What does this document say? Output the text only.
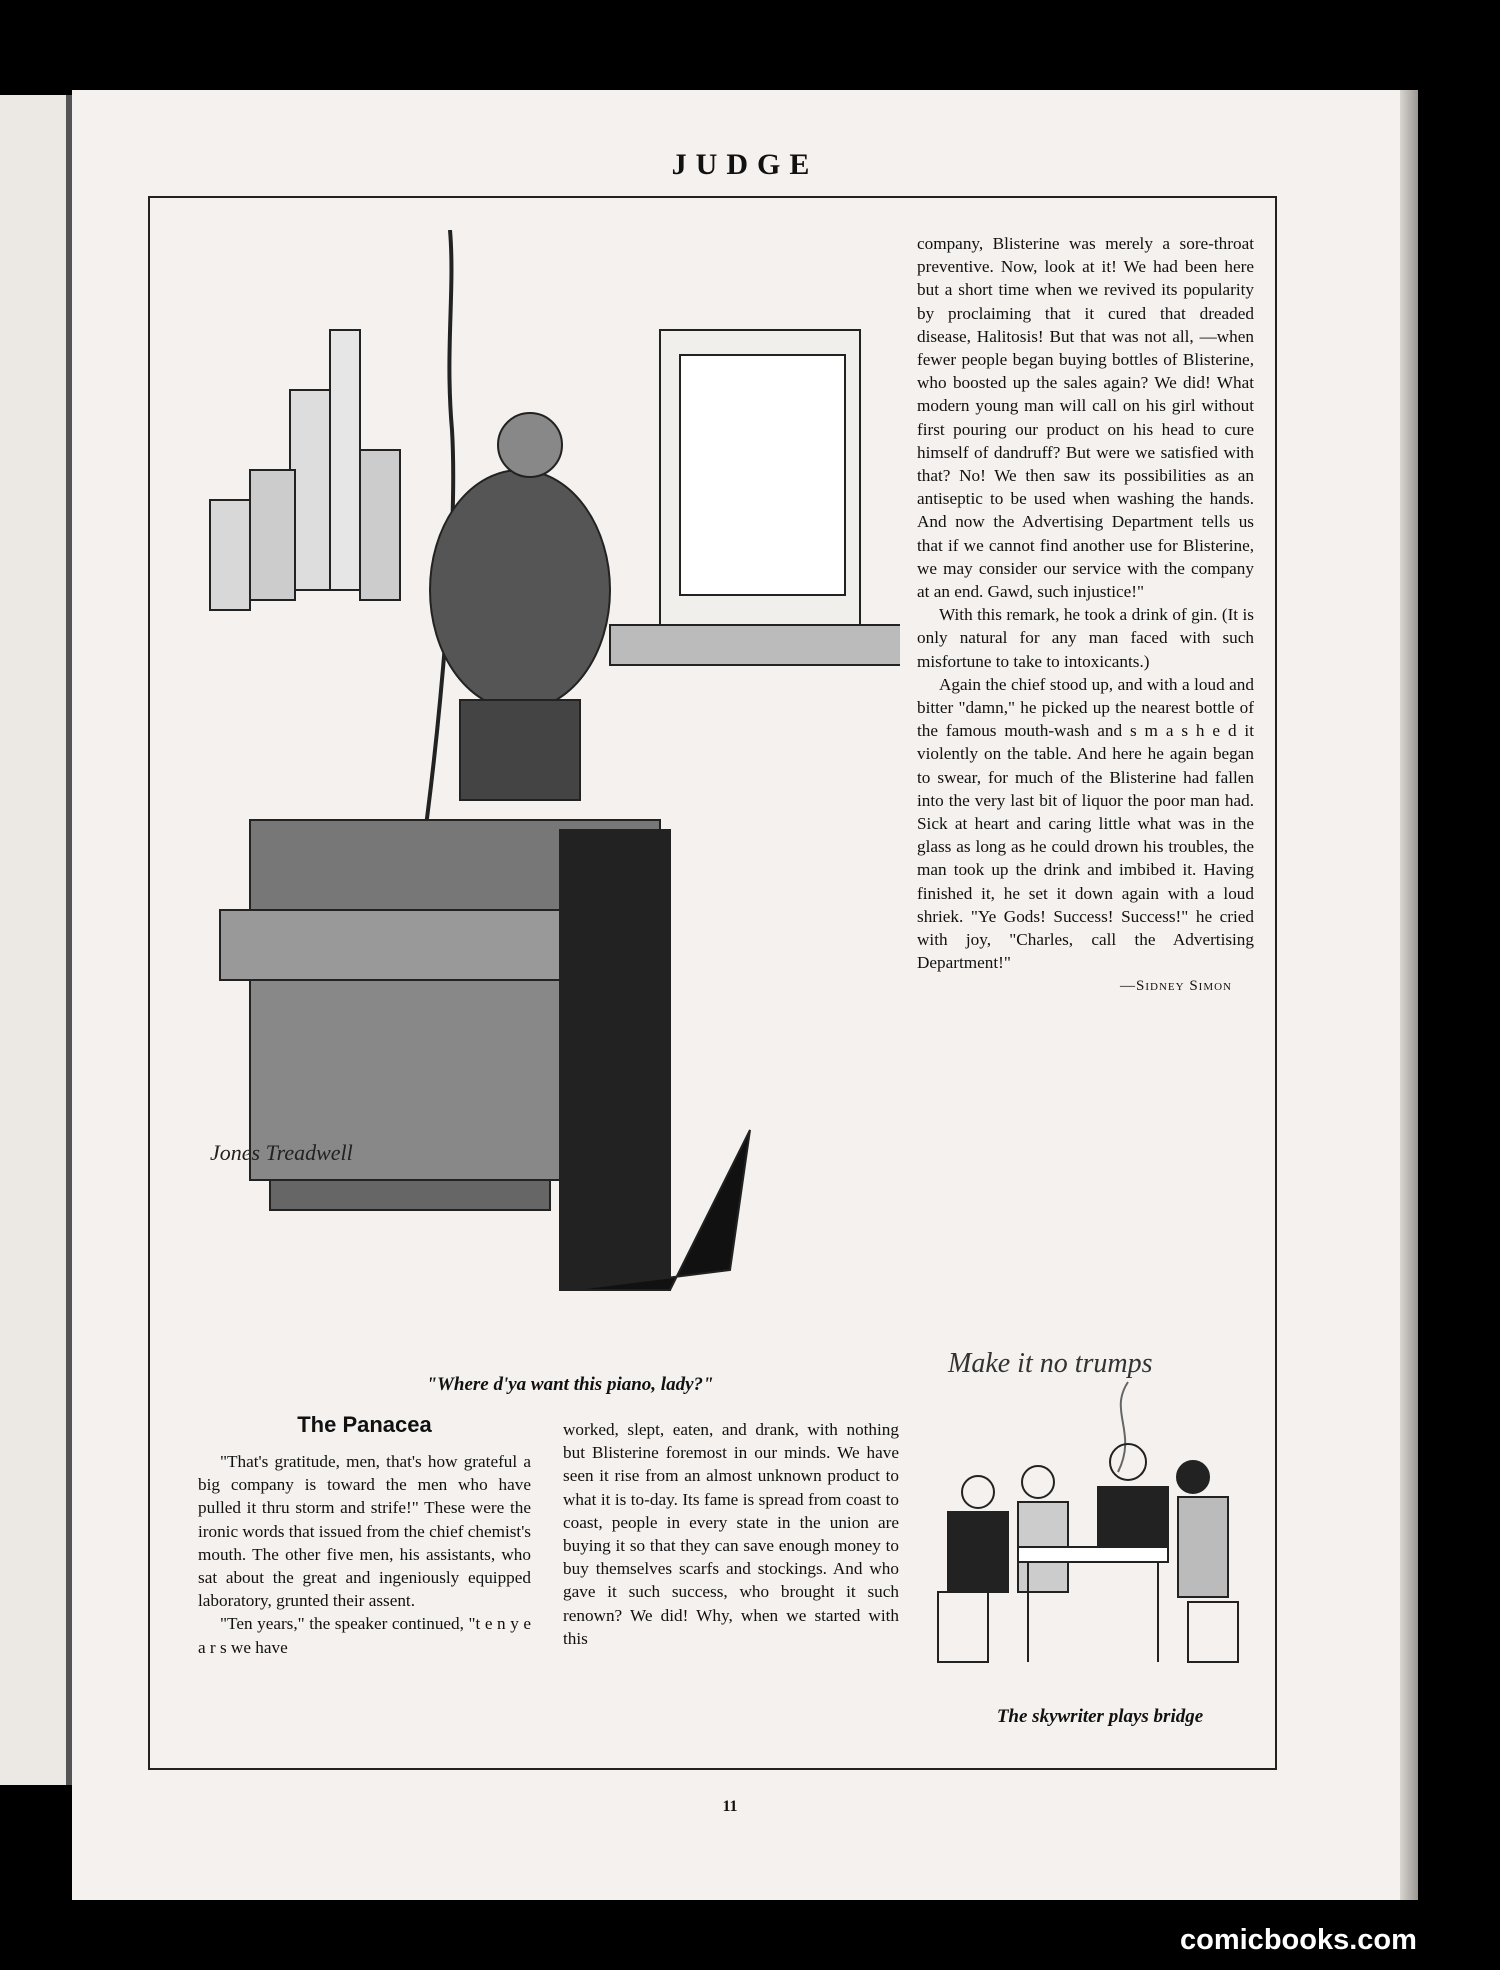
JUDGE
Jones Treadwell
"Where d'ya want this piano, lady?"

company, Blisterine was merely a sore-throat preventive. Now, look at it! We had been here but a short time when we revived its popularity by proclaiming that it cured that dreaded disease, Halitosis! But that was not all, —when fewer people began buying bottles of Blisterine, who boosted up the sales again? We did! What modern young man will call on his girl without first pouring our product on his head to cure himself of dandruff? But were we satisfied with that? No! We then saw its possibilities as an antiseptic to be used when washing the hands. And now the Advertising Department tells us that if we cannot find another use for Blisterine, we may consider our service with the company at an end. Gawd, such injustice!"

With this remark, he took a drink of gin. (It is only natural for any man faced with such misfortune to take to intoxicants.)

Again the chief stood up, and with a loud and bitter "damn," he picked up the nearest bottle of the famous mouth-wash and s m a s h e d it violently on the table. And here he again began to swear, for much of the Blisterine had fallen into the very last bit of liquor the poor man had. Sick at heart and caring little what was in the glass as long as he could drown his troubles, the man took up the drink and imbibed it. Having finished it, he set it down again with a loud shriek. "Ye Gods! Success! Success!" he cried with joy, "Charles, call the Advertising Department!"

—Sidney Simon

The Panacea

"That's gratitude, men, that's how grateful a big company is toward the men who have pulled it thru storm and strife!" These were the ironic words that issued from the chief chemist's mouth. The other five men, his assistants, who sat about the great and ingeniously equipped laboratory, grunted their assent.

"Ten years," the speaker continued, "t e n y e a r s we have

worked, slept, eaten, and drank, with nothing but Blisterine foremost in our minds. We have seen it rise from an almost unknown product to what it is to-day. Its fame is spread from coast to coast, people in every state in the union are buying it so that they can save enough money to buy themselves scarfs and stockings. And who gave it such success, who brought it such renown? We did! Why, when we started with this

Make it no trumps
The skywriter plays bridge
11
comicbooks.com
